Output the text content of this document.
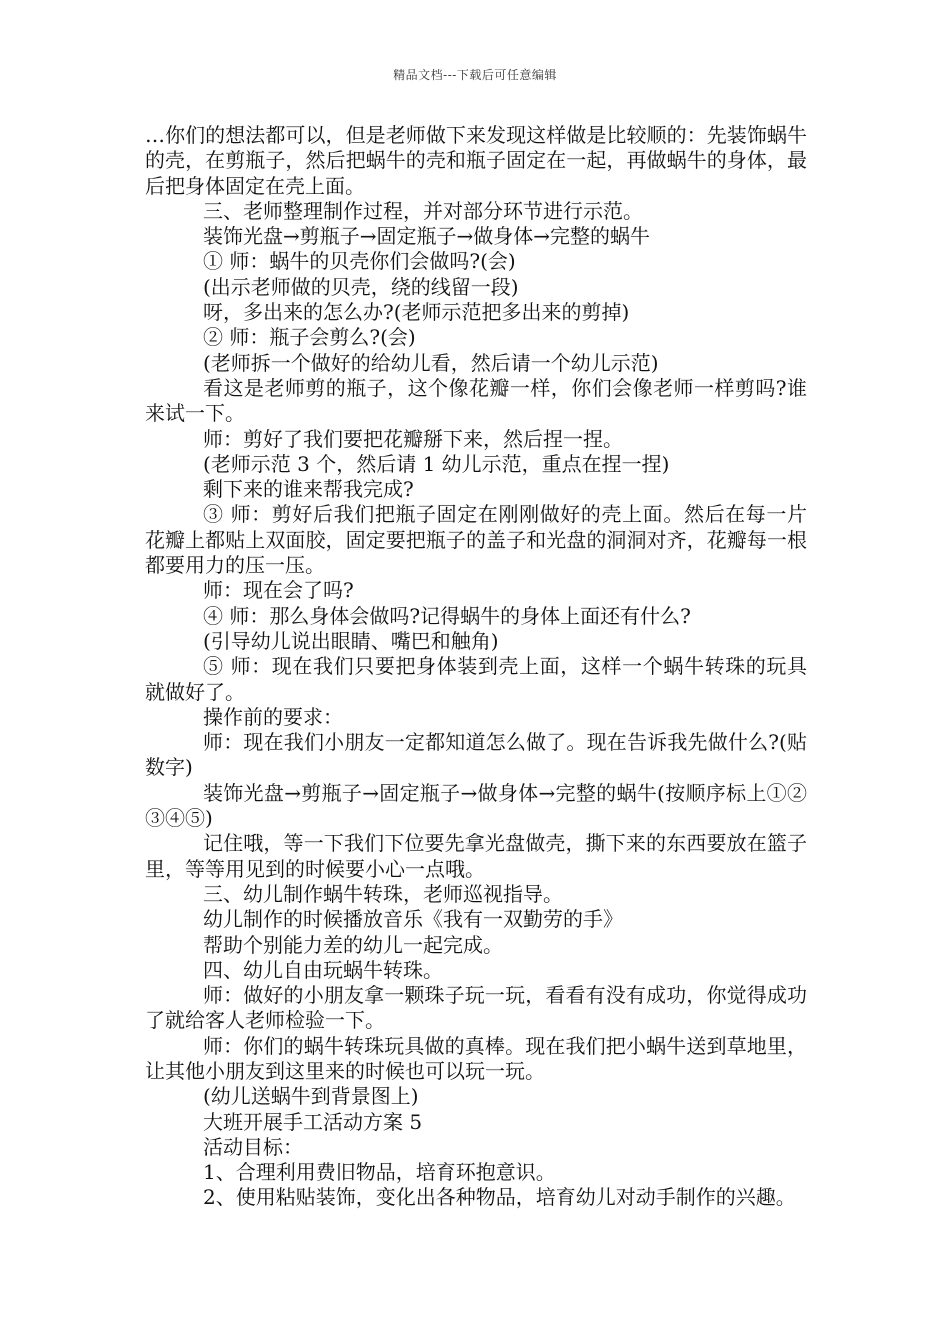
精品文档---下载后可任意编辑

…你们的想法都可以，但是老师做下来发现这样做是比较顺的：先装饰蜗牛的壳，在剪瓶子，然后把蜗牛的壳和瓶子固定在一起，再做蜗牛的身体，最后把身体固定在壳上面。

三、老师整理制作过程，并对部分环节进行示范。

装饰光盘→剪瓶子→固定瓶子→做身体→完整的蜗牛

① 师：蜗牛的贝壳你们会做吗?(会)

(出示老师做的贝壳，绕的线留一段)

呀，多出来的怎么办?(老师示范把多出来的剪掉)

② 师：瓶子会剪么?(会)

(老师拆一个做好的给幼儿看，然后请一个幼儿示范)

看这是老师剪的瓶子，这个像花瓣一样，你们会像老师一样剪吗?谁来试一下。

师：剪好了我们要把花瓣掰下来，然后捏一捏。

(老师示范 3 个，然后请 1 幼儿示范，重点在捏一捏)

剩下来的谁来帮我完成?

③ 师：剪好后我们把瓶子固定在刚刚做好的壳上面。然后在每一片花瓣上都贴上双面胶，固定要把瓶子的盖子和光盘的洞洞对齐，花瓣每一根都要用力的压一压。

师：现在会了吗?

④ 师：那么身体会做吗?记得蜗牛的身体上面还有什么?

(引导幼儿说出眼睛、嘴巴和触角)

⑤ 师：现在我们只要把身体装到壳上面，这样一个蜗牛转珠的玩具就做好了。

操作前的要求：

师：现在我们小朋友一定都知道怎么做了。现在告诉我先做什么?(贴数字)

装饰光盘→剪瓶子→固定瓶子→做身体→完整的蜗牛(按顺序标上①②③④⑤)

记住哦，等一下我们下位要先拿光盘做壳，撕下来的东西要放在篮子里，等等用见到的时候要小心一点哦。

三、幼儿制作蜗牛转珠，老师巡视指导。

幼儿制作的时候播放音乐《我有一双勤劳的手》

帮助个别能力差的幼儿一起完成。

四、幼儿自由玩蜗牛转珠。

师：做好的小朋友拿一颗珠子玩一玩，看看有没有成功，你觉得成功了就给客人老师检验一下。

师：你们的蜗牛转珠玩具做的真棒。现在我们把小蜗牛送到草地里，让其他小朋友到这里来的时候也可以玩一玩。

(幼儿送蜗牛到背景图上)

大班开展手工活动方案 5

活动目标：

1、合理利用费旧物品，培育环抱意识。

2、使用粘贴装饰，变化出各种物品，培育幼儿对动手制作的兴趣。
